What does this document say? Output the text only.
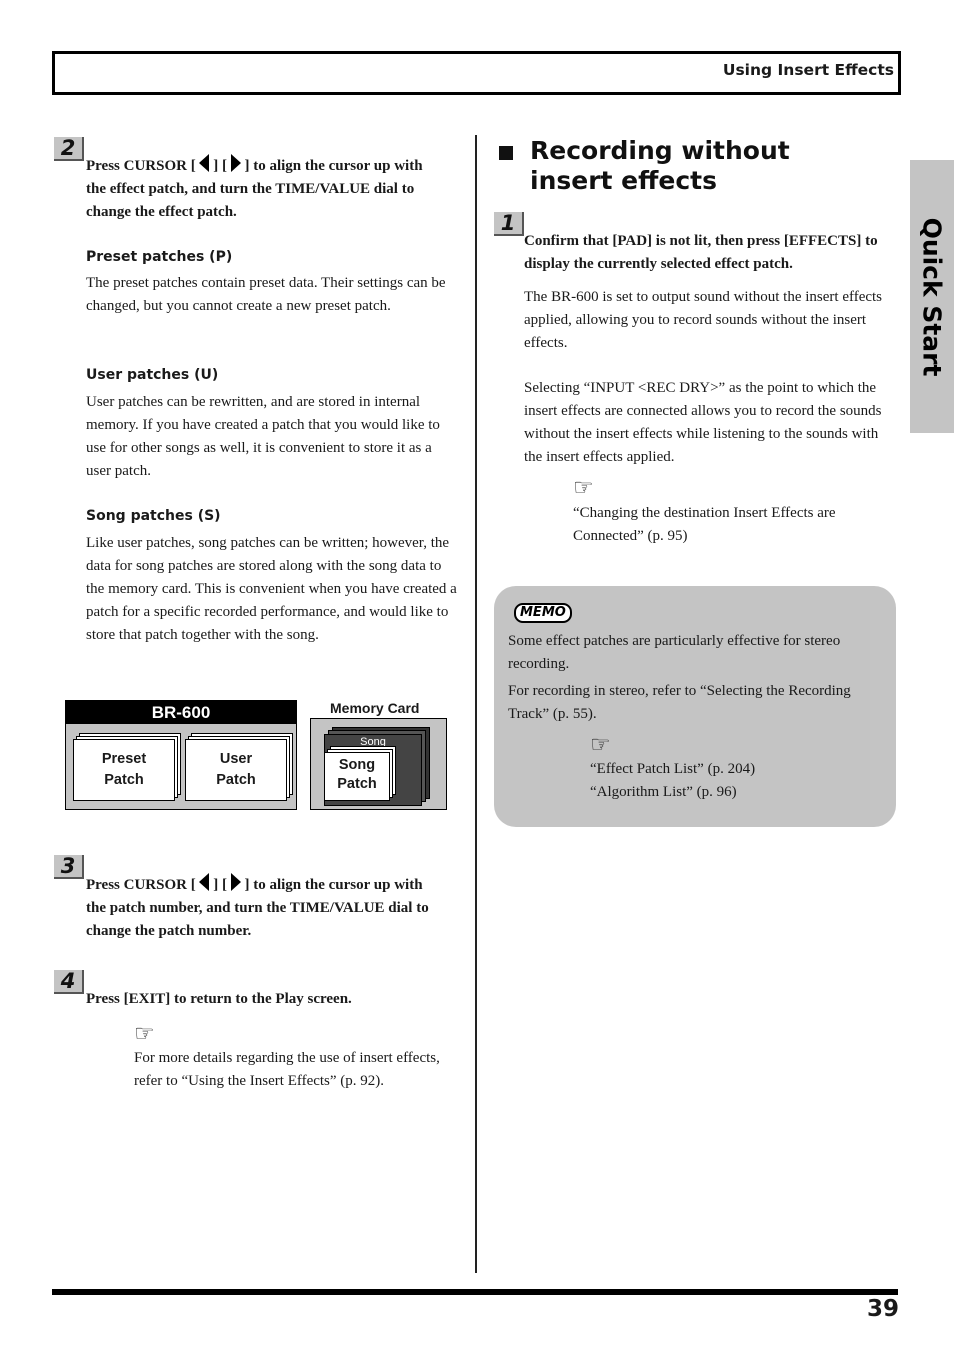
Using Insert Effects
Quick Start
2
Press CURSOR [ ] [ ] to align the cursor up with
the effect patch, and turn the TIME/VALUE dial to
change the effect patch.
Preset patches (P)
The preset patches contain preset data. Their settings can be changed, but you cannot create a new preset patch.
User patches (U)
User patches can be rewritten, and are stored in internal memory. If you have created a patch that you would like to use for other songs as well, it is convenient to store it as a user patch.
Song patches (S)
Like user patches, song patches can be written; however, the data for song patches are stored along with the song data to the memory card. This is convenient when you have created a patch for a specific recorded performance, and would like to store that patch together with the song.
BR-600
Preset
Patch
User
Patch
Memory Card
Song
Song
Patch
3
Press CURSOR [ ] [ ] to align the cursor up with
the patch number, and turn the TIME/VALUE dial to
change the patch number.
4
Press [EXIT] to return to the Play screen.
☞
For more details regarding the use of insert effects, refer to “Using the Insert Effects” (p. 92).
Recording without insert effects
1
Confirm that [PAD] is not lit, then press [EFFECTS] to display the currently selected effect patch.
The BR-600 is set to output sound without the insert effects applied, allowing you to record sounds without the insert effects.
Selecting “INPUT <REC DRY>” as the point to which the insert effects are connected allows you to record the sounds without the insert effects while listening to the sounds with the insert effects applied.
☞
“Changing the destination Insert Effects are Connected” (p. 95)
MEMO
Some effect patches are particularly effective for stereo recording.
For recording in stereo, refer to “Selecting the Recording Track” (p. 55).
☞
“Effect Patch List” (p. 204)
“Algorithm List” (p. 96)
39
